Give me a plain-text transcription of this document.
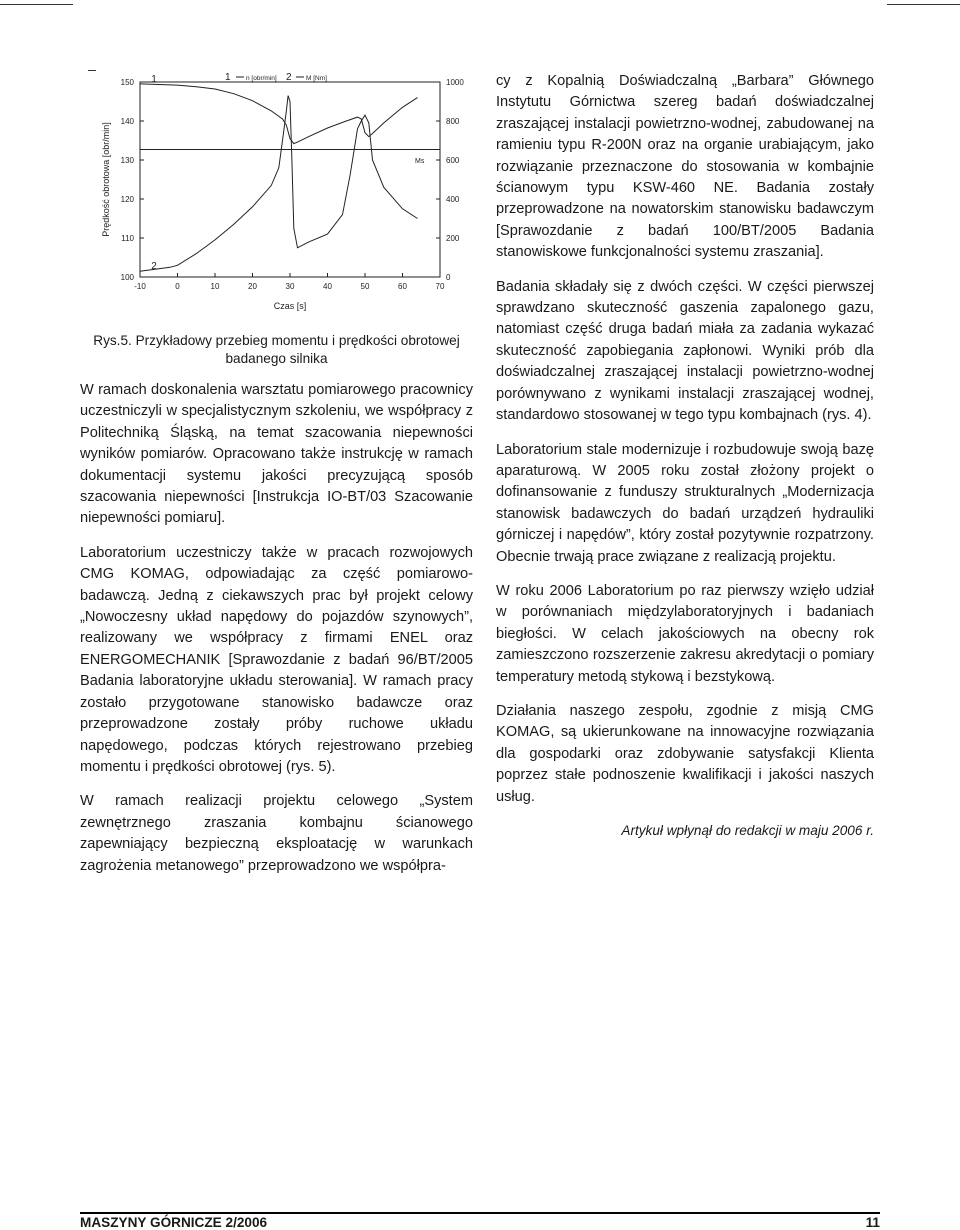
-10	0	10	20	30	40	50	60	70
100
110
120
130
140
150
0
200
400
600
800
1000
Czas [s]
Prędkość obrotowa [obr/min]
1
2
1 n [obr/min] 2 M [Nm]
Ms
Rys.5. Przykładowy przebieg momentu i prędkości obrotowej badanego silnika

W ramach doskonalenia warsztatu pomiarowego pracownicy uczestniczyli w specjalistycznym szkoleniu, we współpracy z Politechniką Śląską, na temat szacowania niepewności wyników pomiarów. Opracowano także instrukcję w ramach dokumentacji systemu jakości precyzującą sposób szacowania niepewności [Instrukcja IO-BT/03 Szacowanie niepewności pomiaru].

Laboratorium uczestniczy także w pracach rozwojowych CMG KOMAG, odpowiadając za część pomiarowo-badawczą. Jedną z ciekawszych prac był projekt celowy „Nowoczesny układ napędowy do pojazdów szynowych”, realizowany we współpracy z firmami ENEL oraz ENERGOMECHANIK [Sprawozdanie z badań 96/BT/2005 Badania laboratoryjne układu sterowania]. W ramach pracy zostało przygotowane stanowisko badawcze oraz przeprowadzone zostały próby ruchowe układu napędowego, podczas których rejestrowano przebieg momentu i prędkości obrotowej (rys. 5).

W ramach realizacji projektu celowego „System zewnętrznego zraszania kombajnu ścianowego zapewniający bezpieczną eksploatację w warunkach zagrożenia metanowego” przeprowadzono we współpra-

cy z Kopalnią Doświadczalną „Barbara” Głównego Instytutu Górnictwa szereg badań doświadczalnej zraszającej instalacji powietrzno-wodnej, zabudowanej na ramieniu typu R-200N oraz na organie urabiającym, jako rozwiązanie przeznaczone do stosowania w kombajnie ścianowym typu KSW-460 NE. Badania zostały przeprowadzone na nowatorskim stanowisku badawczym [Sprawozdanie z badań 100/BT/2005 Badania stanowiskowe funkcjonalności systemu zraszania].

Badania składały się z dwóch części. W części pierwszej sprawdzano skuteczność gaszenia zapalonego gazu, natomiast część druga badań miała za zadania wykazać skuteczność zapobiegania zapłonowi. Wyniki prób dla doświadczalnej zraszającej instalacji powietrzno-wodnej porównywano z wynikami instalacji zraszającej wodnej, standardowo stosowanej w tego typu kombajnach (rys. 4).

Laboratorium stale modernizuje i rozbudowuje swoją bazę aparaturową. W 2005 roku został złożony projekt o dofinansowanie z funduszy strukturalnych „Modernizacja stanowisk badawczych do badań urządzeń hydrauliki górniczej i napędów”, który został pozytywnie rozpatrzony. Obecnie trwają prace związane z realizacją projektu.

W roku 2006 Laboratorium po raz pierwszy wzięło udział w porównaniach międzylaboratoryjnych i badaniach biegłości. W celach jakościowych na obecny rok zamieszczono rozszerzenie zakresu akredytacji o pomiary temperatury metodą stykową i bezstykową.

Działania naszego zespołu, zgodnie z misją CMG KOMAG, są ukierunkowane na innowacyjne rozwiązania dla gospodarki oraz zdobywanie satysfakcji Klienta poprzez stałe podnoszenie kwalifikacji i jakości naszych usług.

Artykuł wpłynął do redakcji w maju 2006 r.
MASZYNY GÓRNICZE 2/2006	11
